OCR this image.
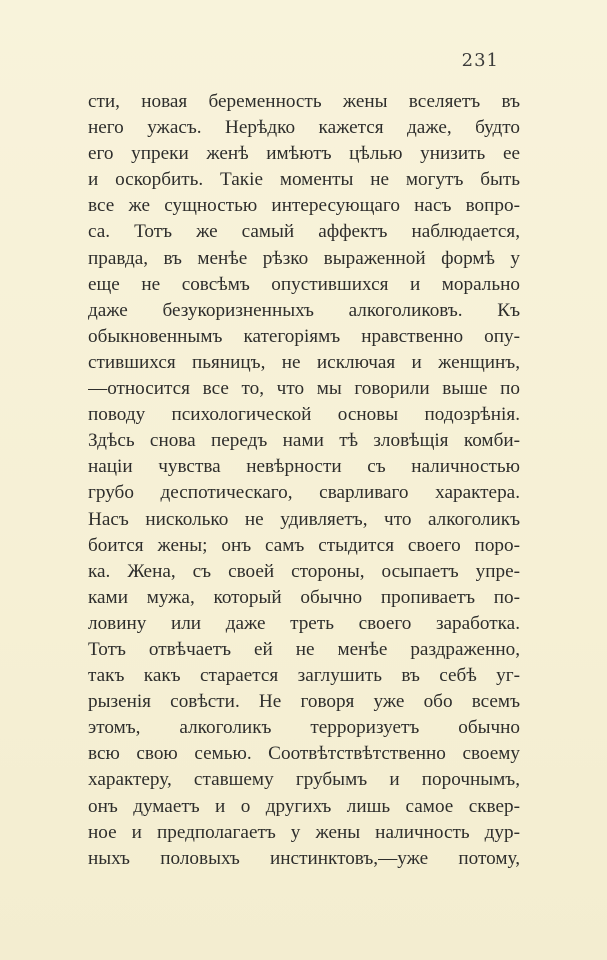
231
сти, новая беременность жены вселяетъ въ
него ужасъ. Нерѣдко кажется даже, будто
его упреки женѣ имѣютъ цѣлью унизить ее
и оскорбить. Такіе моменты не могутъ быть
все же сущностью интересующаго насъ вопро-
са. Тотъ же самый аффектъ наблюдается,
правда, въ менѣе рѣзко выраженной формѣ у
еще не совсѣмъ опустившихся и морально
даже безукоризненныхъ алкоголиковъ. Къ
обыкновеннымъ категоріямъ нравственно опу-
стившихся пьяницъ, не исключая и женщинъ,
—относится все то, что мы говорили выше по
поводу психологической основы подозрѣнія.
Здѣсь снова передъ нами тѣ зловѣщія комби-
націи чувства невѣрности съ наличностью
грубо деспотическаго, сварливаго характера.
Насъ нисколько не удивляетъ, что алкоголикъ
боится жены; онъ самъ стыдится своего поро-
ка. Жена, съ своей стороны, осыпаетъ упре-
ками мужа, который обычно пропиваетъ по-
ловину или даже треть своего заработка.
Тотъ отвѣчаетъ ей не менѣе раздраженно,
такъ какъ старается заглушить въ себѣ уг-
рызенія совѣсти. Не говоря уже обо всемъ
этомъ, алкоголикъ терроризуетъ обычно
всю свою семью. Соотвѣтствѣтственно своему
характеру, ставшему грубымъ и порочнымъ,
онъ думаетъ и о другихъ лишь самое сквер-
ное и предполагаетъ у жены наличность дур-
ныхъ половыхъ инстинктовъ,—уже потому,
